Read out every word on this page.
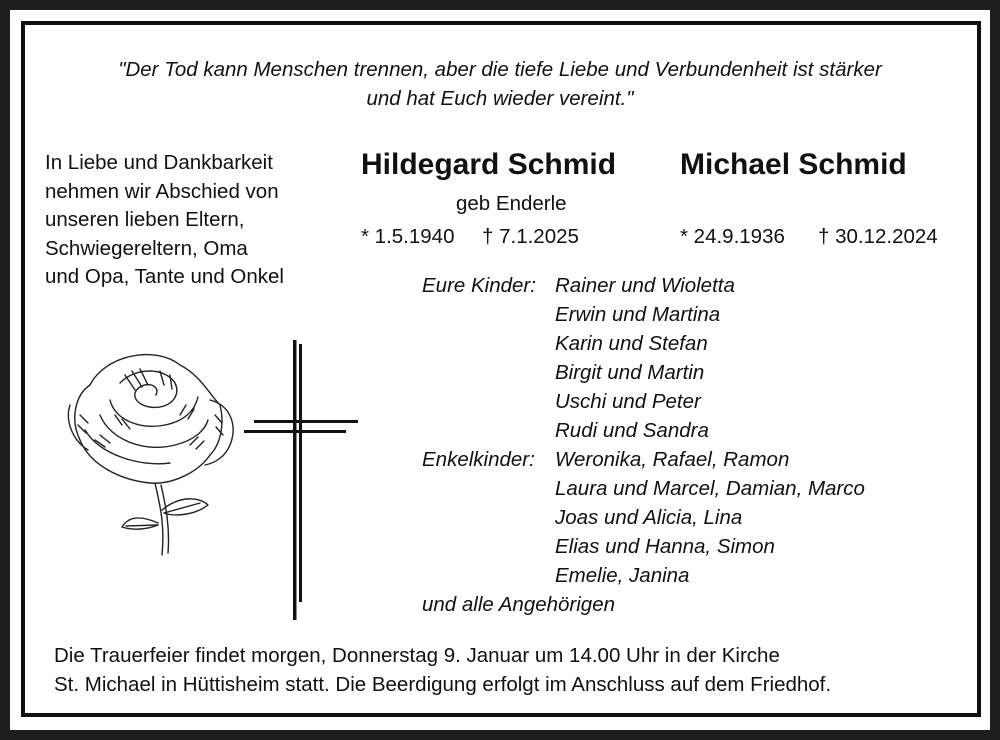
"Der Tod kann Menschen trennen, aber die tiefe Liebe und Verbundenheit ist stärker
und hat Euch wieder vereint."
In Liebe und Dankbarkeit
nehmen wir Abschied von
unseren lieben Eltern,
Schwiegereltern, Oma
und Opa, Tante und Onkel
Hildegard Schmid
geb Enderle
* 1.5.1940 † 7.1.2025
Michael Schmid
* 24.9.1936 † 30.12.2024
Eure Kinder: Rainer und Wioletta
Erwin und Martina
Karin und Stefan
Birgit und Martin
Uschi und Peter
Rudi und Sandra
Enkelkinder: Weronika, Rafael, Ramon
Laura und Marcel, Damian, Marco
Joas und Alicia, Lina
Elias und Hanna, Simon
Emelie, Janina
und alle Angehörigen
Die Trauerfeier findet morgen, Donnerstag 9. Januar um 14.00 Uhr in der Kirche
St. Michael in Hüttisheim statt. Die Beerdigung erfolgt im Anschluss auf dem Friedhof.
